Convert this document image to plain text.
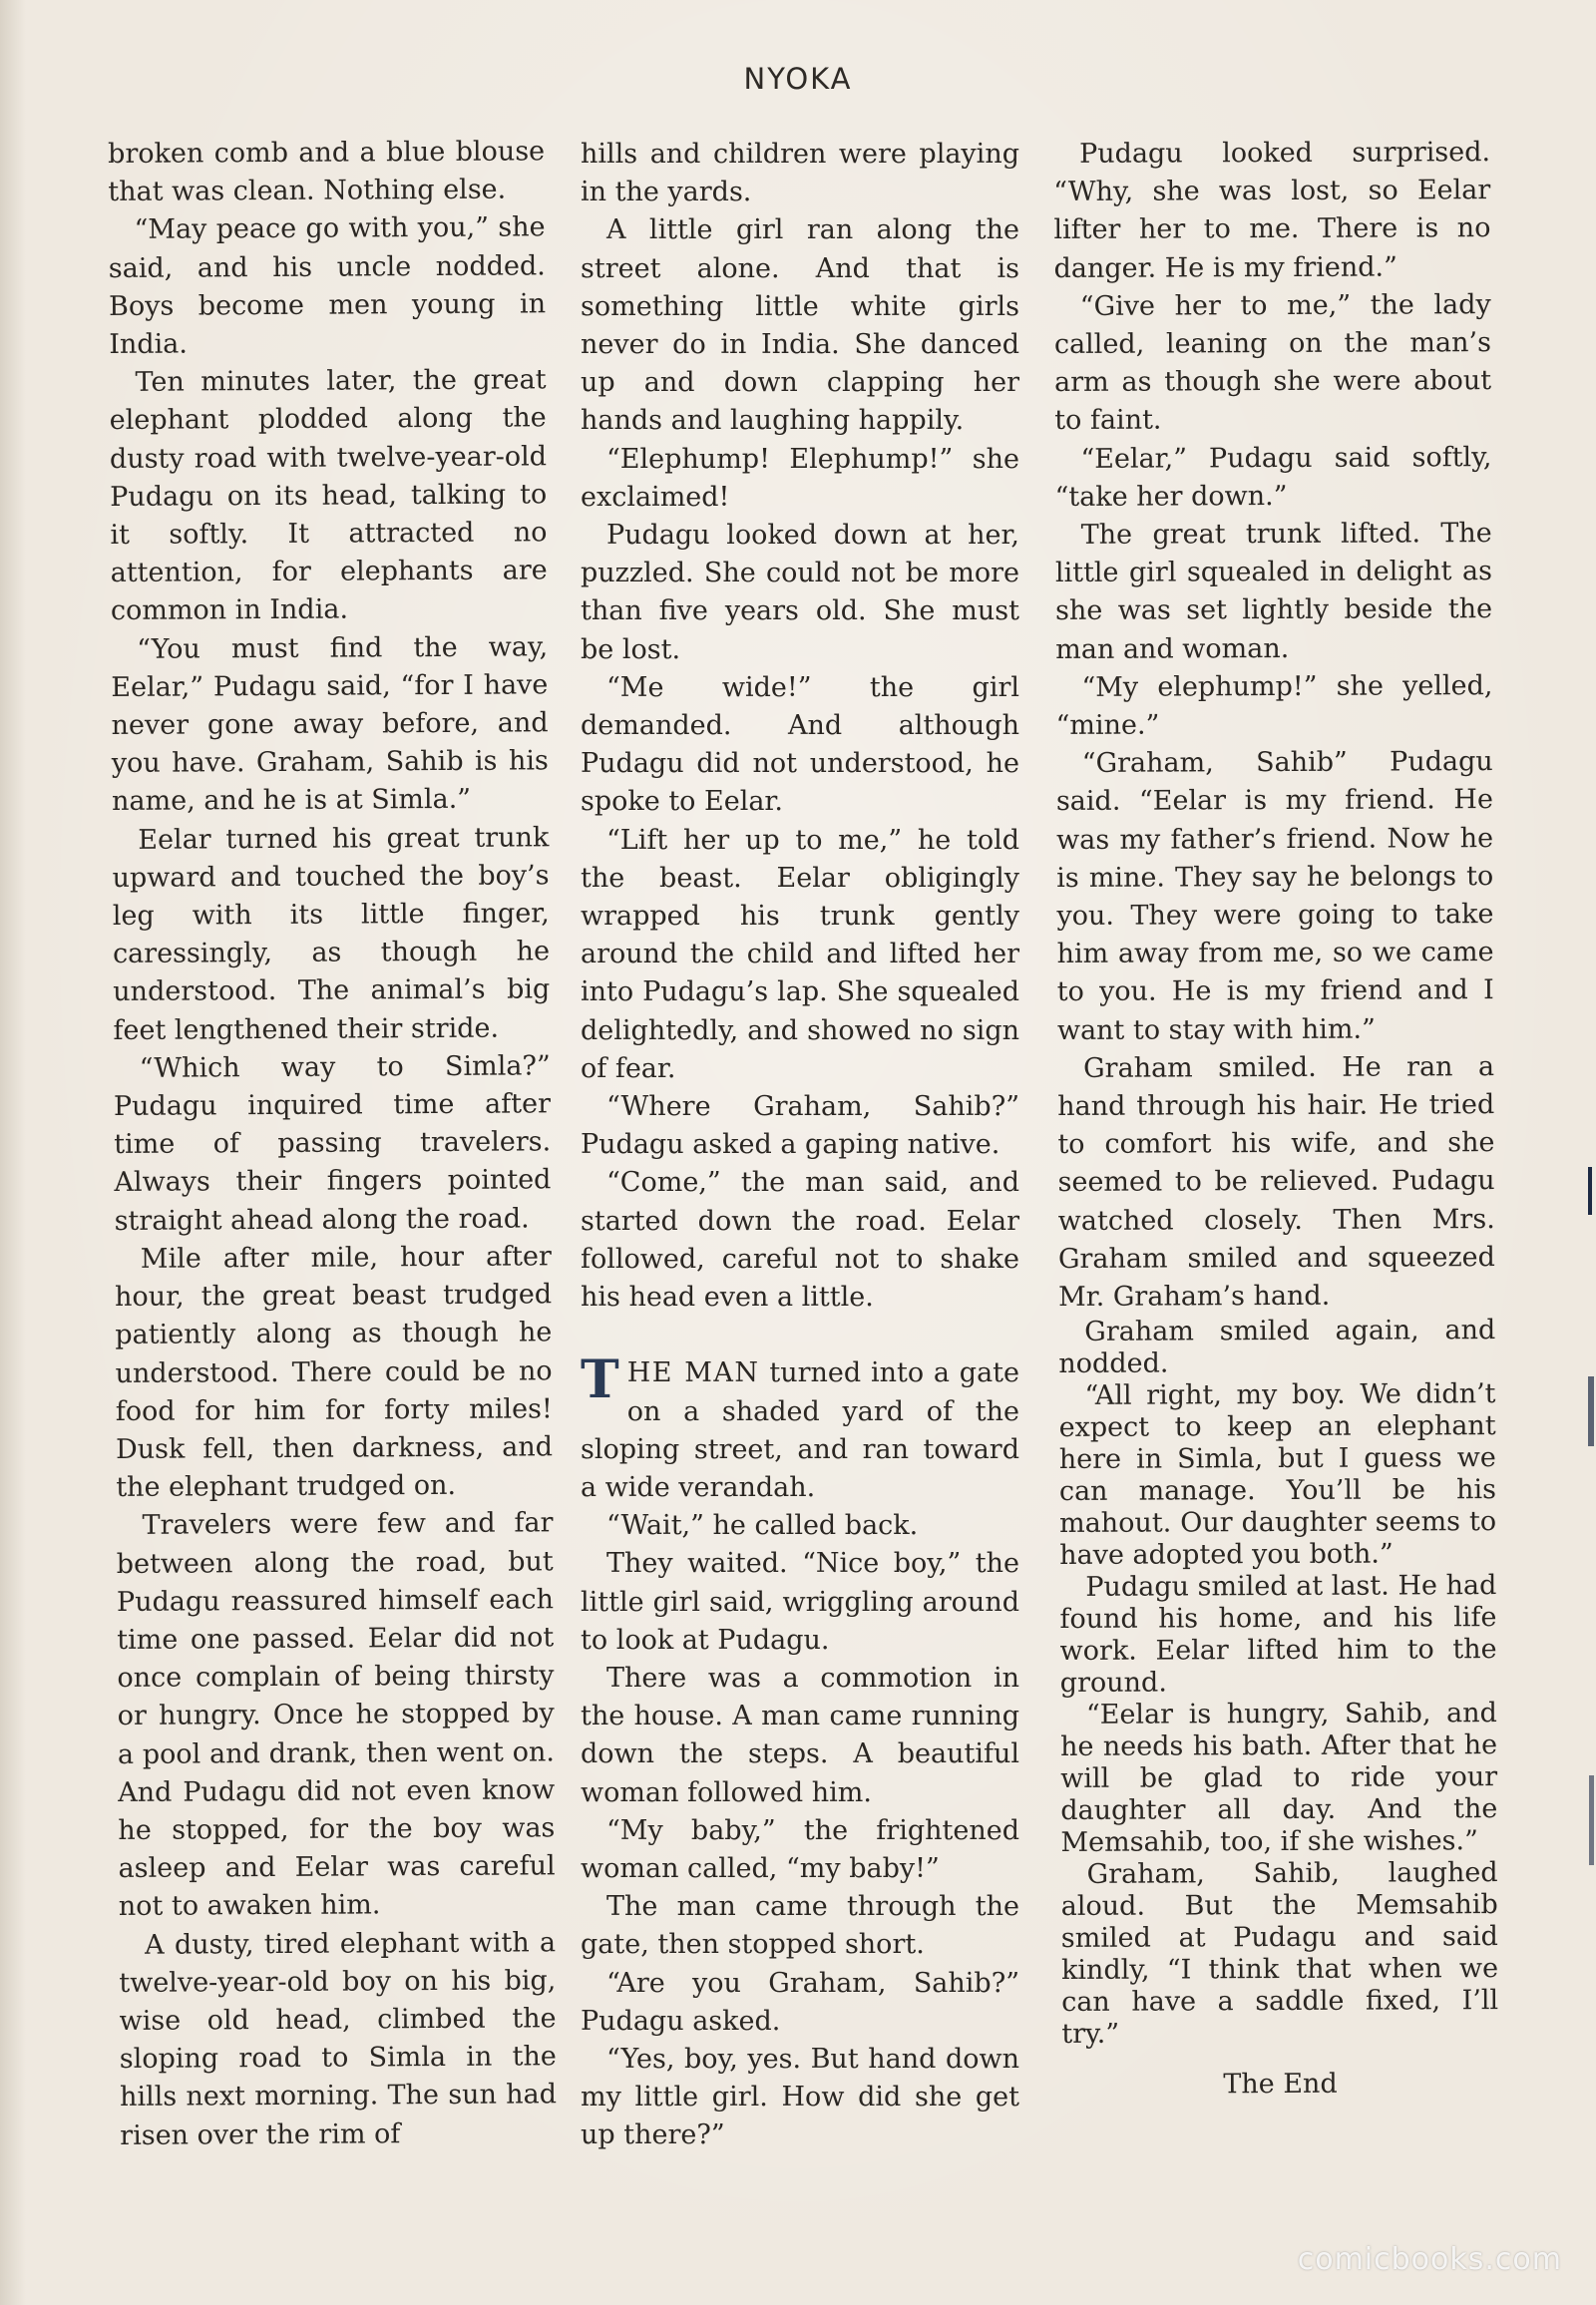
NYOKA

broken comb and a blue blouse that was clean. Nothing else.

“May peace go with you,” she said, and his uncle nodded. Boys become men young in India.

Ten minutes later, the great elephant plodded along the dusty road with twelve-year-old Pudagu on its head, talking to it softly. It attracted no attention, for elephants are common in India.

“You must find the way, Eelar,” Pudagu said, “for I have never gone away before, and you have. Graham, Sahib is his name, and he is at Simla.”

Eelar turned his great trunk upward and touched the boy’s leg with its little finger, caressingly, as though he understood. The animal’s big feet lengthened their stride.

“Which way to Simla?” Pudagu inquired time after time of passing travelers. Always their fingers pointed straight ahead along the road.

Mile after mile, hour after hour, the great beast trudged patiently along as though he understood. There could be no food for him for forty miles! Dusk fell, then darkness, and the elephant trudged on.

Travelers were few and far between along the road, but Pudagu reassured himself each time one passed. Eelar did not once complain of being thirsty or hungry. Once he stopped by a pool and drank, then went on. And Pudagu did not even know he stopped, for the boy was asleep and Eelar was careful not to awaken him.

A dusty, tired elephant with a twelve-year-old boy on his big, wise old head, climbed the sloping road to Simla in the hills next morning. The sun had risen over the rim of

hills and children were playing in the yards.

A little girl ran along the street alone. And that is something little white girls never do in India. She danced up and down clapping her hands and laughing happily.

“Elephump! Elephump!” she exclaimed!

Pudagu looked down at her, puzzled. She could not be more than five years old. She must be lost.

“Me wide!” the girl demanded. And although Pudagu did not understood, he spoke to Eelar.

“Lift her up to me,” he told the beast. Eelar obligingly wrapped his trunk gently around the child and lifted her into Pudagu’s lap. She squealed delightedly, and showed no sign of fear.

“Where Graham, Sahib?” Pudagu asked a gaping native.

“Come,” the man said, and started down the road. Eelar followed, careful not to shake his head even a little.

THE MAN turned into a gate on a shaded yard of the sloping street, and ran toward a wide verandah.

“Wait,” he called back.

They waited. “Nice boy,” the little girl said, wriggling around to look at Pudagu.

There was a commotion in the house. A man came running down the steps. A beautiful woman followed him.

“My baby,” the frightened woman called, “my baby!”

The man came through the gate, then stopped short.

“Are you Graham, Sahib?” Pudagu asked.

“Yes, boy, yes. But hand down my little girl. How did she get up there?”

Pudagu looked surprised. “Why, she was lost, so Eelar lifter her to me. There is no danger. He is my friend.”

“Give her to me,” the lady called, leaning on the man’s arm as though she were about to faint.

“Eelar,” Pudagu said softly, “take her down.”

The great trunk lifted. The little girl squealed in delight as she was set lightly beside the man and woman.

“My elephump!” she yelled, “mine.”

“Graham, Sahib” Pudagu said. “Eelar is my friend. He was my father’s friend. Now he is mine. They say he belongs to you. They were going to take him away from me, so we came to you. He is my friend and I want to stay with him.”

Graham smiled. He ran a hand through his hair. He tried to comfort his wife, and she seemed to be relieved. Pudagu watched closely. Then Mrs. Graham smiled and squeezed Mr. Graham’s hand.

Graham smiled again, and nodded.

“All right, my boy. We didn’t expect to keep an elephant here in Simla, but I guess we can manage. You’ll be his mahout. Our daughter seems to have adopted you both.”

Pudagu smiled at last. He had found his home, and his life work. Eelar lifted him to the ground.

“Eelar is hungry, Sahib, and he needs his bath. After that he will be glad to ride your daughter all day. And the Memsahib, too, if she wishes.”

Graham, Sahib, laughed aloud. But the Memsahib smiled at Pudagu and said kindly, “I think that when we can have a saddle fixed, I’ll try.”

The End
comicbooks.com
